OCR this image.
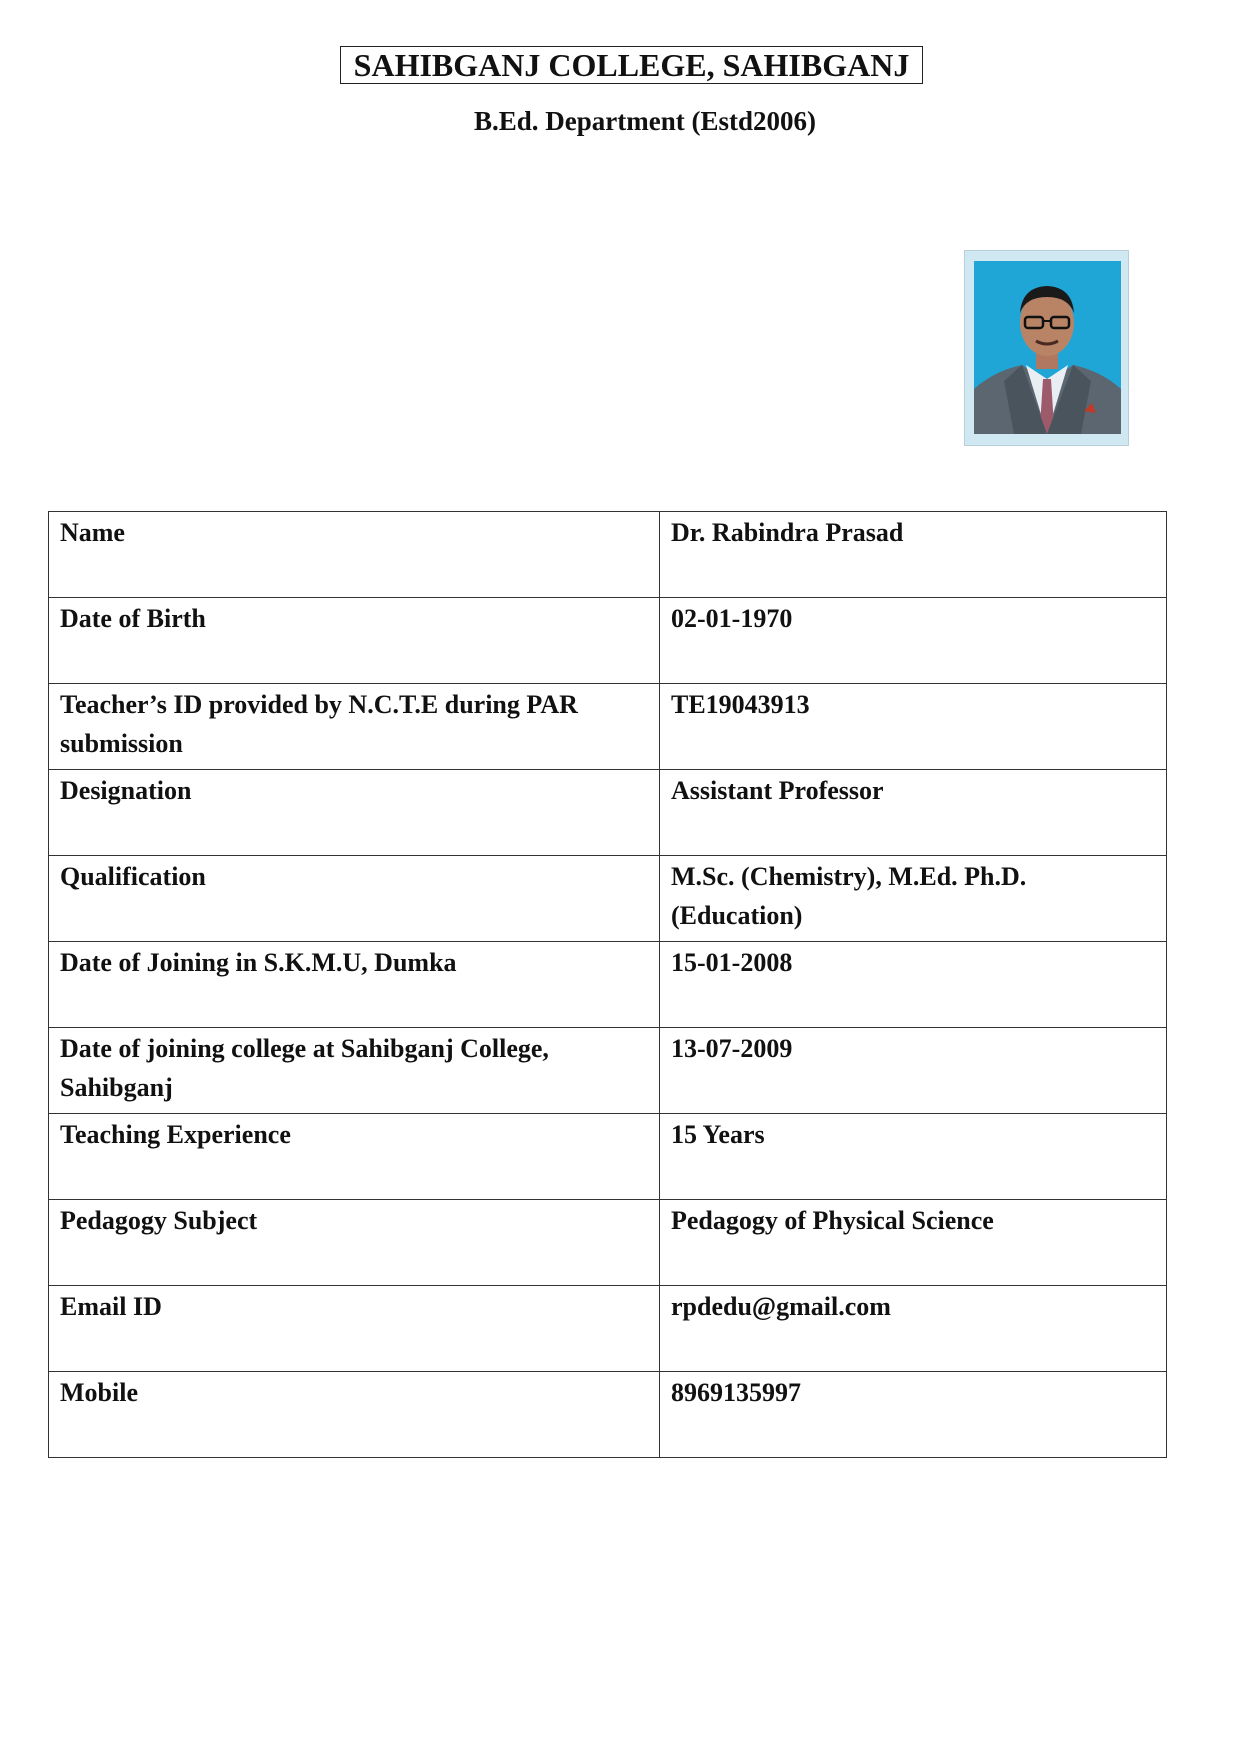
SAHIBGANJ COLLEGE, SAHIBGANJ
B.Ed. Department (Estd2006)
Name	Dr. Rabindra Prasad
Date of Birth	02-01-1970
Teacher’s ID provided by N.C.T.E during PAR submission	TE19043913
Designation	Assistant Professor
Qualification	M.Sc. (Chemistry), M.Ed. Ph.D. (Education)
Date of Joining in S.K.M.U, Dumka	15-01-2008
Date of joining college at Sahibganj College, Sahibganj	13-07-2009
Teaching Experience	15 Years
Pedagogy Subject	Pedagogy of Physical Science
Email ID	rpdedu@gmail.com
Mobile	8969135997
